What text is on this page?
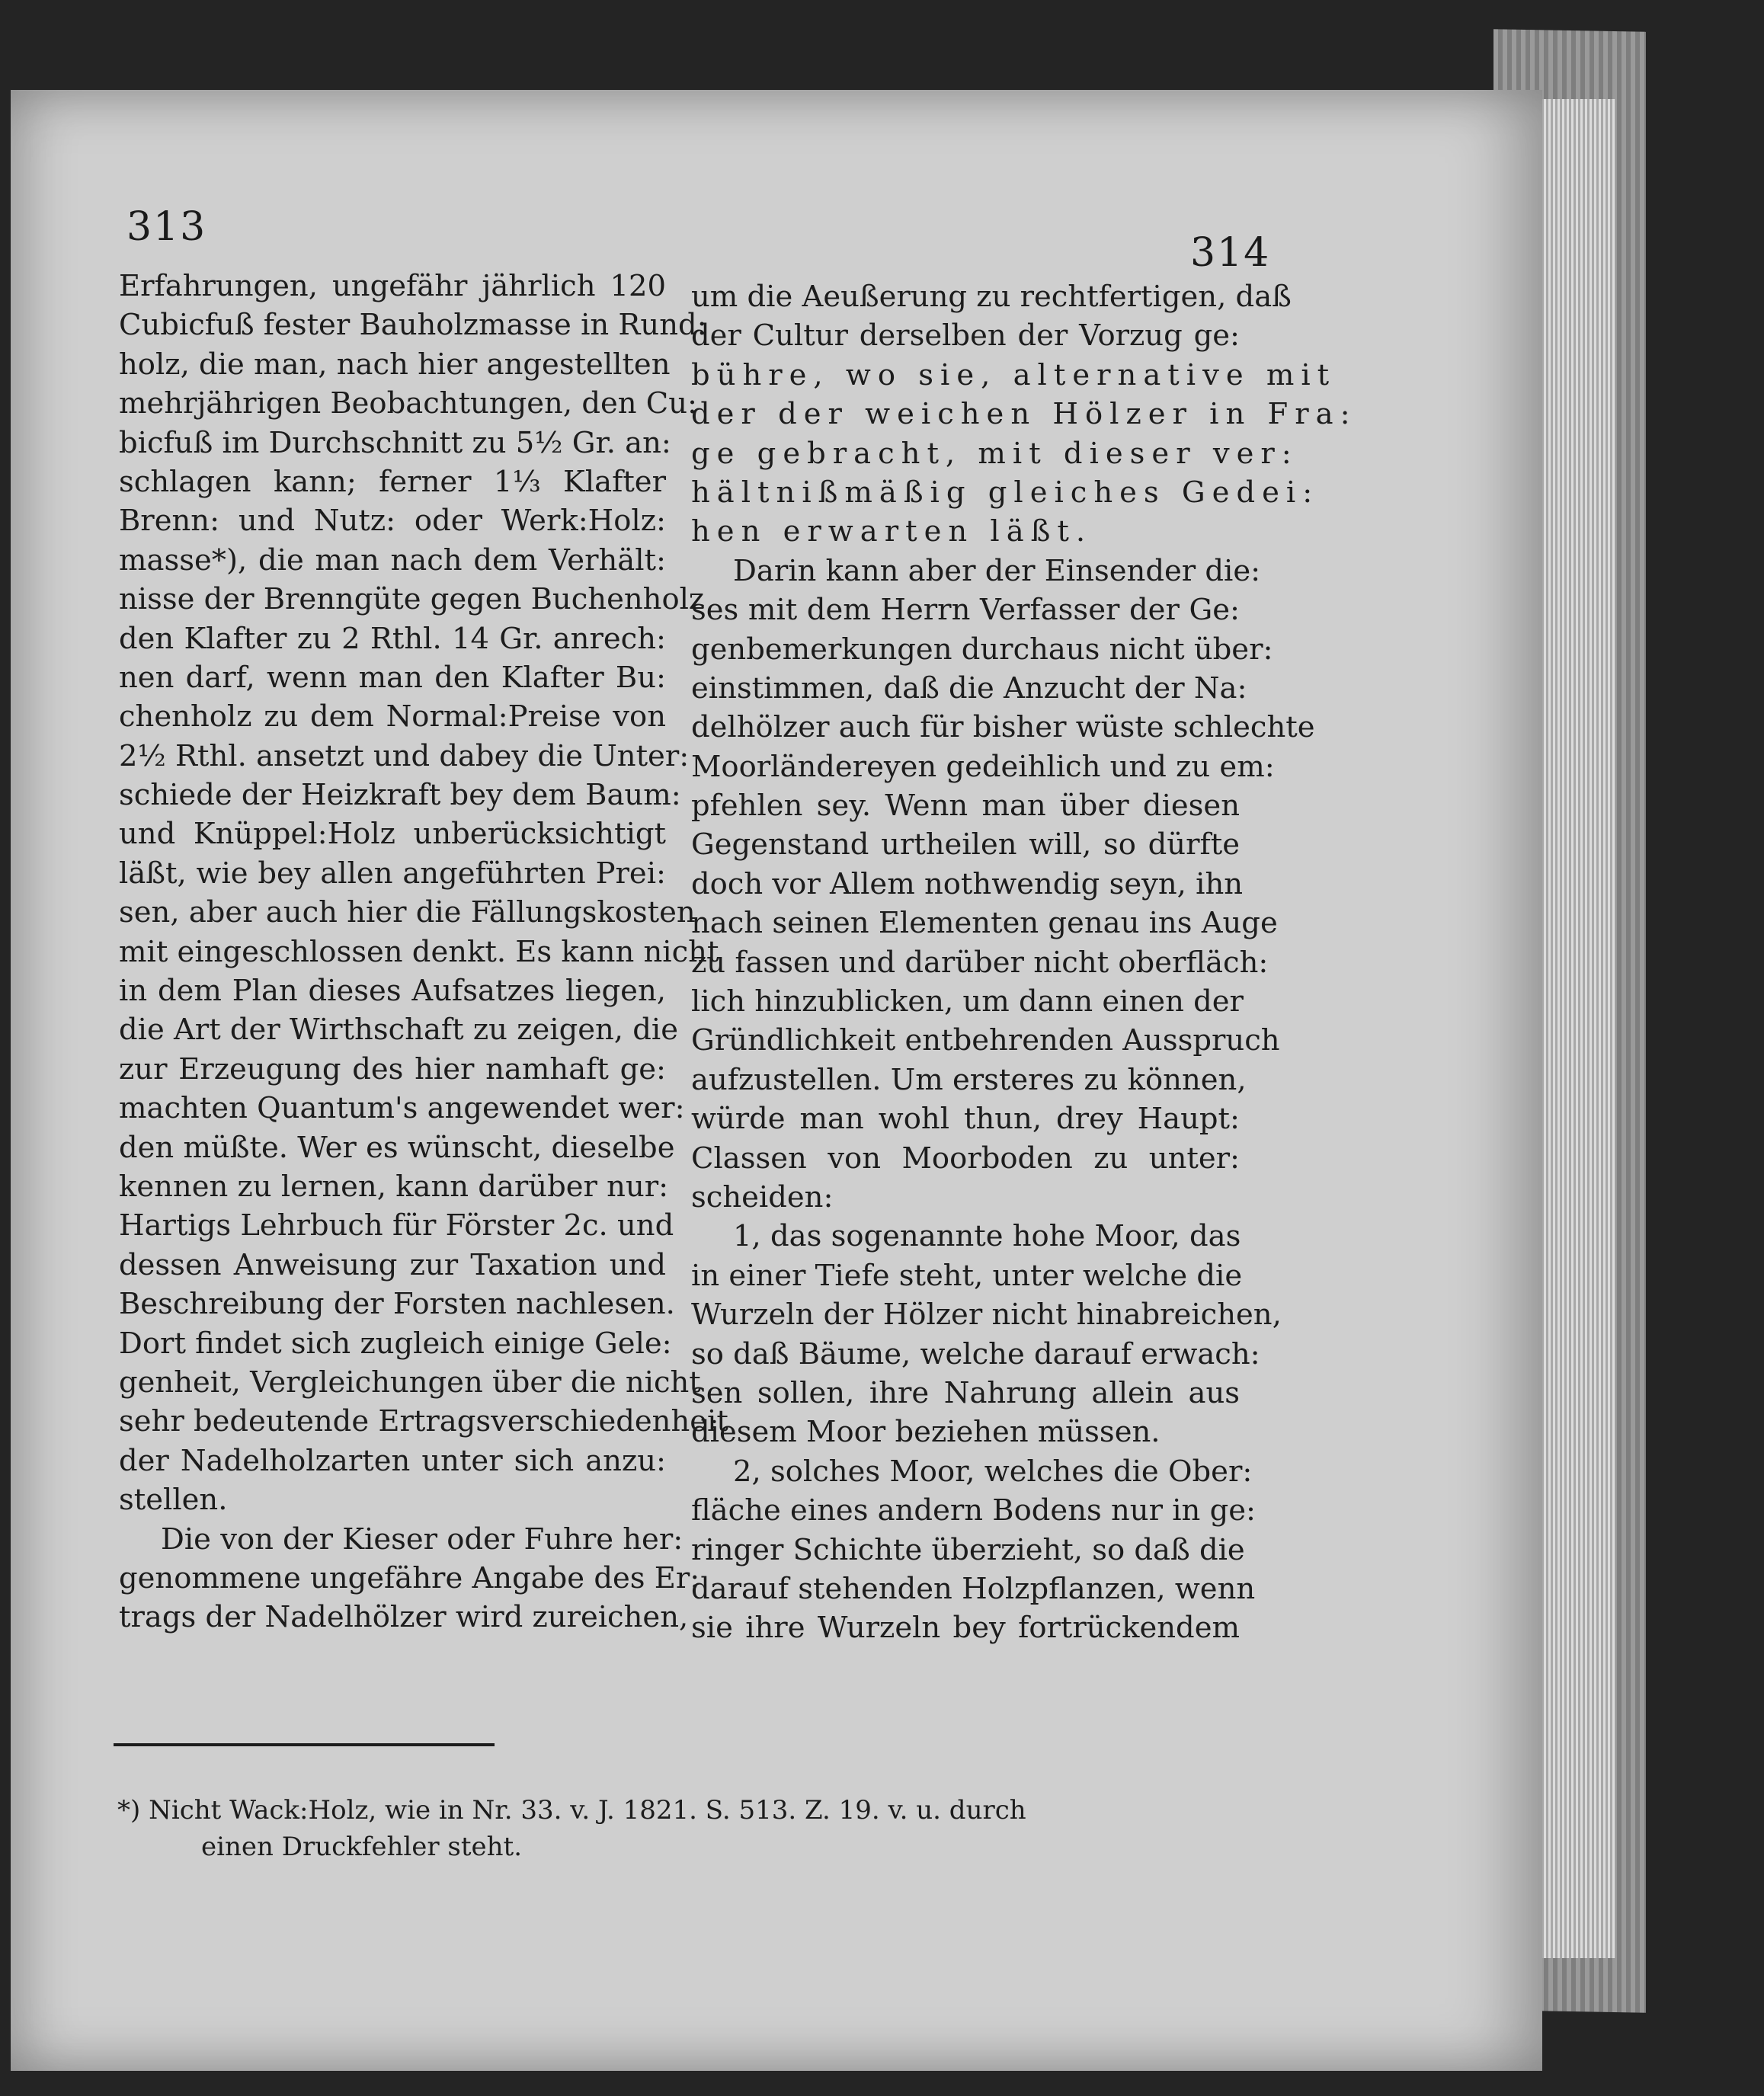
313
314
Erfahrungen, ungefähr jährlich 120
Cubicfuß fester Bauholzmasse in Rund:
holz, die man, nach hier angestellten
mehrjährigen Beobachtungen, den Cu:
bicfuß im Durchschnitt zu 5½ Gr. an:
schlagen kann; ferner 1⅓ Klafter
Brenn: und Nutz: oder Werk:Holz:
masse*), die man nach dem Verhält:
nisse der Brenngüte gegen Buchenholz
den Klafter zu 2 Rthl. 14 Gr. anrech:
nen darf, wenn man den Klafter Bu:
chenholz zu dem Normal:Preise von
2½ Rthl. ansetzt und dabey die Unter:
schiede der Heizkraft bey dem Baum:
und Knüppel:Holz unberücksichtigt
läßt, wie bey allen angeführten Prei:
sen, aber auch hier die Fällungskosten
mit eingeschlossen denkt. Es kann nicht
in dem Plan dieses Aufsatzes liegen,
die Art der Wirthschaft zu zeigen, die
zur Erzeugung des hier namhaft ge:
machten Quantum's angewendet wer:
den müßte. Wer es wünscht, dieselbe
kennen zu lernen, kann darüber nur:
Hartigs Lehrbuch für Förster 2c. und
dessen Anweisung zur Taxation und
Beschreibung der Forsten nachlesen.
Dort findet sich zugleich einige Gele:
genheit, Vergleichungen über die nicht
sehr bedeutende Ertragsverschiedenheit
der Nadelholzarten unter sich anzu:
stellen.
Die von der Kieser oder Fuhre her:
genommene ungefähre Angabe des Er:
trags der Nadelhölzer wird zureichen,
um die Aeußerung zu rechtfertigen, daß
der Cultur derselben der Vorzug ge:
bühre, wo sie, alternative mit
der der weichen Hölzer in Fra:
ge gebracht, mit dieser ver:
hältnißmäßig gleiches Gedei:
hen erwarten läßt.
Darin kann aber der Einsender die:
ses mit dem Herrn Verfasser der Ge:
genbemerkungen durchaus nicht über:
einstimmen, daß die Anzucht der Na:
delhölzer auch für bisher wüste schlechte
Moorländereyen gedeihlich und zu em:
pfehlen sey. Wenn man über diesen
Gegenstand urtheilen will, so dürfte
doch vor Allem nothwendig seyn, ihn
nach seinen Elementen genau ins Auge
zu fassen und darüber nicht oberfläch:
lich hinzublicken, um dann einen der
Gründlichkeit entbehrenden Ausspruch
aufzustellen. Um ersteres zu können,
würde man wohl thun, drey Haupt:
Classen von Moorboden zu unter:
scheiden:
1, das sogenannte hohe Moor, das
in einer Tiefe steht, unter welche die
Wurzeln der Hölzer nicht hinabreichen,
so daß Bäume, welche darauf erwach:
sen sollen, ihre Nahrung allein aus
diesem Moor beziehen müssen.
2, solches Moor, welches die Ober:
fläche eines andern Bodens nur in ge:
ringer Schichte überzieht, so daß die
darauf stehenden Holzpflanzen, wenn
sie ihre Wurzeln bey fortrückendem
*) Nicht Wack:Holz, wie in Nr. 33. v. J. 1821. S. 513. Z. 19. v. u. durch
einen Druckfehler steht.
